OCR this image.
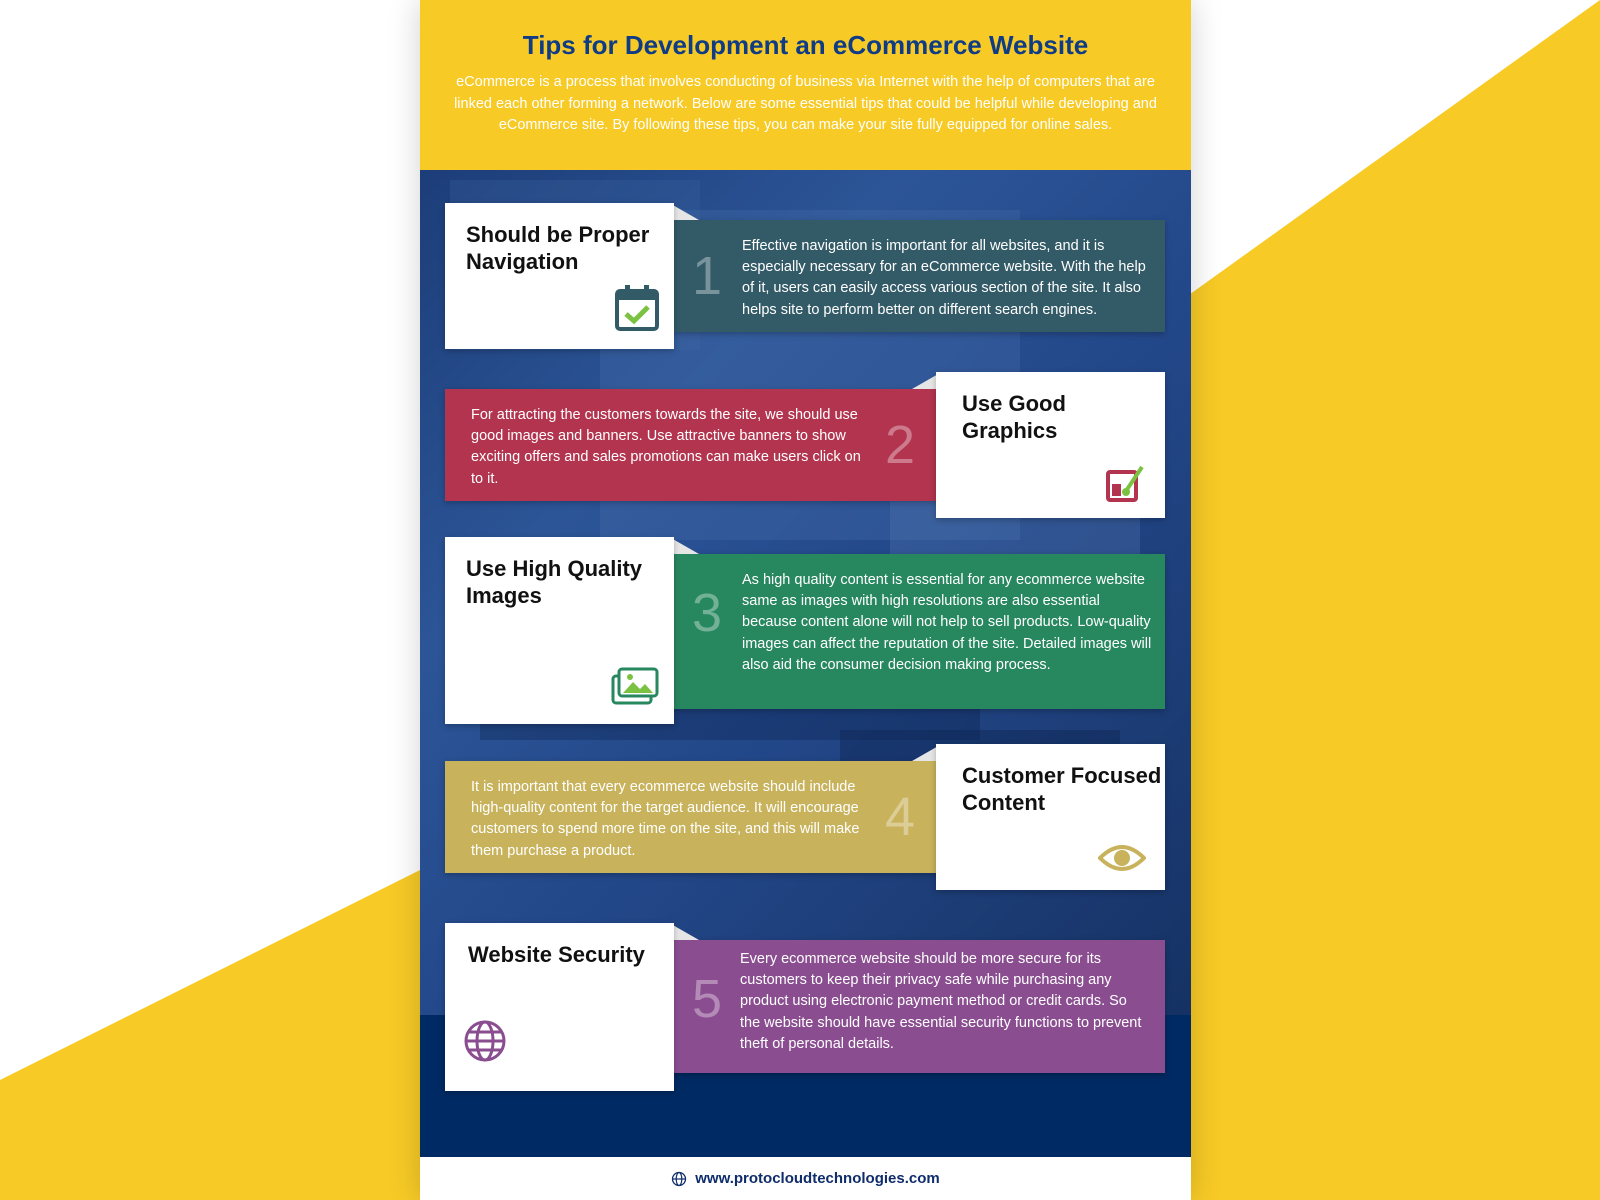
Tips for Development an eCommerce Website
eCommerce is a process that involves conducting of business via Internet with the help of computers that are linked each other forming a network. Below are some essential tips that could be helpful while developing and eCommerce site. By following these tips, you can make your site fully equipped for online sales.
1 Effective navigation is important for all websites, and it is especially necessary for an eCommerce website. With the help of it, users can easily access various section of the site. It also helps site to perform better on different search engines.
Should be Proper Navigation
For attracting the customers towards the site, we should use good images and banners. Use attractive banners to show exciting offers and sales promotions can make users click on to it.
2
Use Good Graphics
3
As high quality content is essential for any ecommerce website same as images with high resolutions are also essential because content alone will not help to sell products. Low-quality images can affect the reputation of the site. Detailed images will also aid the consumer decision making process.
Use High Quality Images
It is important that every ecommerce website should include high-quality content for the target audience. It will encourage customers to spend more time on the site, and this will make them purchase a product.
4
Customer Focused Content
5
Every ecommerce website should be more secure for its customers to keep their privacy safe while purchasing any product using electronic payment method or credit cards. So the website should have essential security functions to prevent theft of personal details.
Website Security
www.protocloudtechnologies.com
